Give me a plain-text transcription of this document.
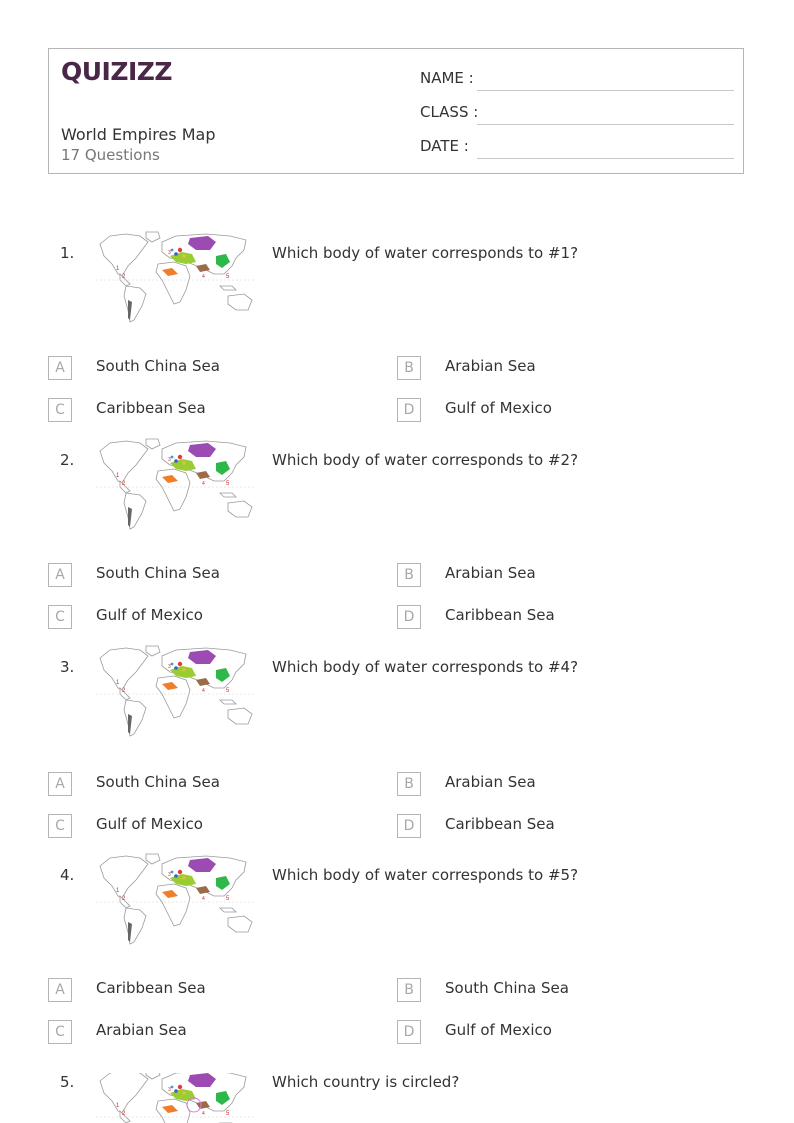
QUIZIZZ
World Empires Map
17 Questions
NAME :
CLASS :
DATE :
1.	Which body of water corresponds to #1?
A	South China Sea	B	Arabian Sea
C	Caribbean Sea	D	Gulf of Mexico
2.	Which body of water corresponds to #2?
A	South China Sea	B	Arabian Sea
C	Gulf of Mexico	D	Caribbean Sea
3.	Which body of water corresponds to #4?
A	South China Sea	B	Arabian Sea
C	Gulf of Mexico	D	Caribbean Sea
4.	Which body of water corresponds to #5?
A	Caribbean Sea	B	South China Sea
C	Arabian Sea	D	Gulf of Mexico
5.	Which country is circled?
